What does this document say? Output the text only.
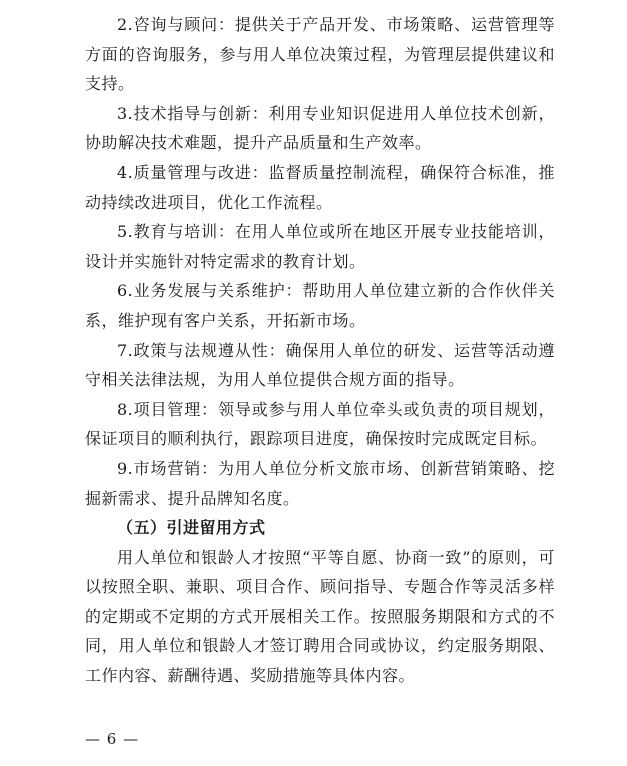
2.咨询与顾问：提供关于产品开发、市场策略、运营管理等方面的咨询服务，参与用人单位决策过程，为管理层提供建议和支持。

3.技术指导与创新：利用专业知识促进用人单位技术创新，协助解决技术难题，提升产品质量和生产效率。

4.质量管理与改进：监督质量控制流程，确保符合标准，推动持续改进项目，优化工作流程。

5.教育与培训：在用人单位或所在地区开展专业技能培训，设计并实施针对特定需求的教育计划。

6.业务发展与关系维护：帮助用人单位建立新的合作伙伴关系，维护现有客户关系，开拓新市场。

7.政策与法规遵从性：确保用人单位的研发、运营等活动遵守相关法律法规，为用人单位提供合规方面的指导。

8.项目管理：领导或参与用人单位牵头或负责的项目规划，保证项目的顺利执行，跟踪项目进度，确保按时完成既定目标。

9.市场营销：为用人单位分析文旅市场、创新营销策略、挖掘新需求、提升品牌知名度。

（五）引进留用方式

用人单位和银龄人才按照“平等自愿、协商一致”的原则，可以按照全职、兼职、项目合作、顾问指导、专题合作等灵活多样的定期或不定期的方式开展相关工作。按照服务期限和方式的不同，用人单位和银龄人才签订聘用合同或协议，约定服务期限、工作内容、薪酬待遇、奖励措施等具体内容。

— 6 —
